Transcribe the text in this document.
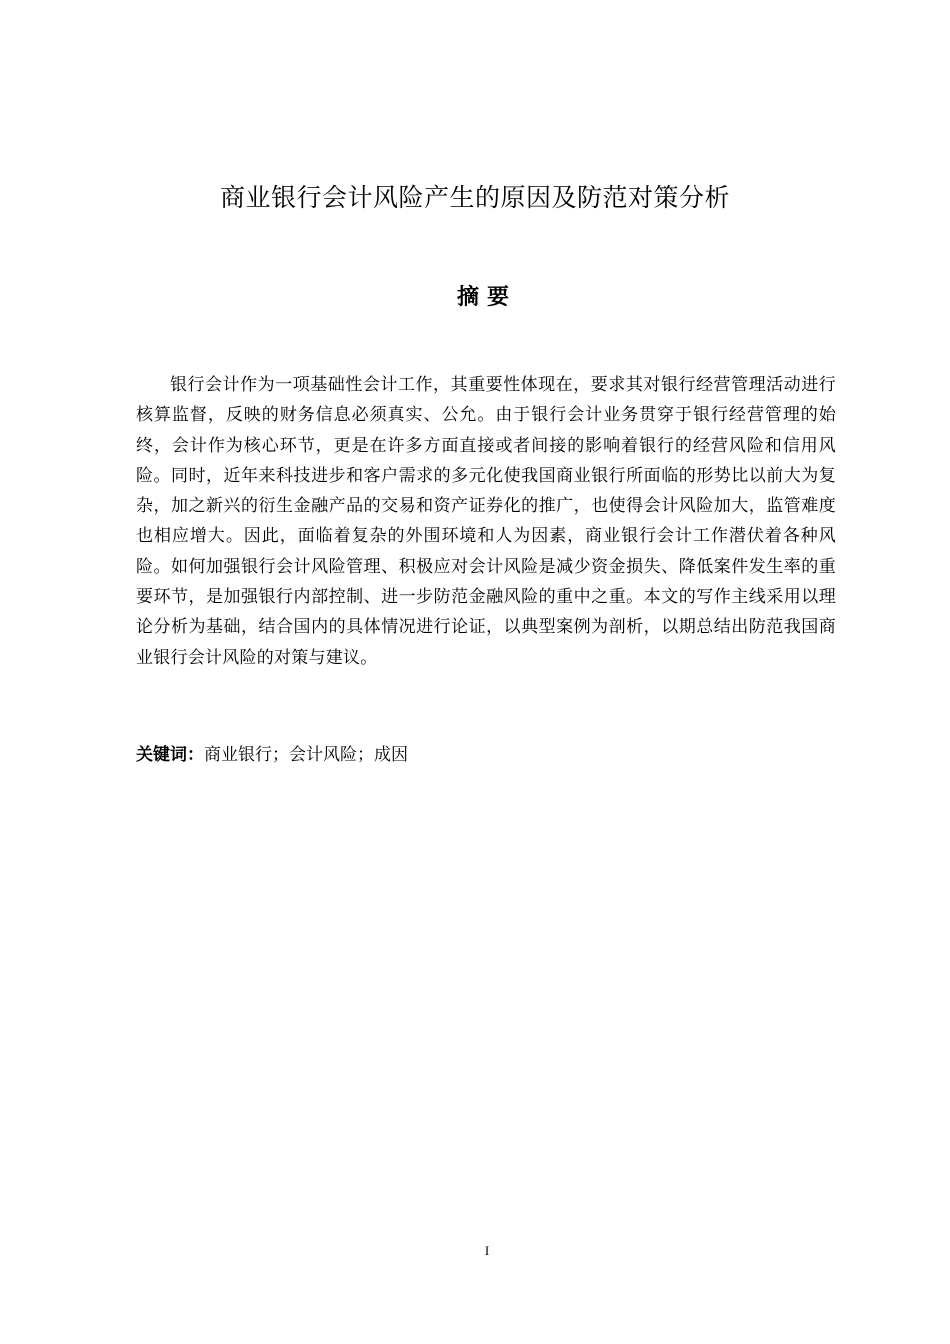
商业银行会计风险产生的原因及防范对策分析
摘要

银行会计作为一项基础性会计工作，其重要性体现在，要求其对银行经营管理活动进行核算监督，反映的财务信息必须真实、公允。由于银行会计业务贯穿于银行经营管理的始终，会计作为核心环节，更是在许多方面直接或者间接的影响着银行的经营风险和信用风险。同时，近年来科技进步和客户需求的多元化使我国商业银行所面临的形势比以前大为复杂，加之新兴的衍生金融产品的交易和资产证券化的推广，也使得会计风险加大，监管难度也相应增大。因此，面临着复杂的外围环境和人为因素，商业银行会计工作潜伏着各种风险。如何加强银行会计风险管理、积极应对会计风险是减少资金损失、降低案件发生率的重要环节，是加强银行内部控制、进一步防范金融风险的重中之重。本文的写作主线采用以理论分析为基础，结合国内的具体情况进行论证，以典型案例为剖析，以期总结出防范我国商业银行会计风险的对策与建议。

关键词：商业银行；会计风险；成因
I
